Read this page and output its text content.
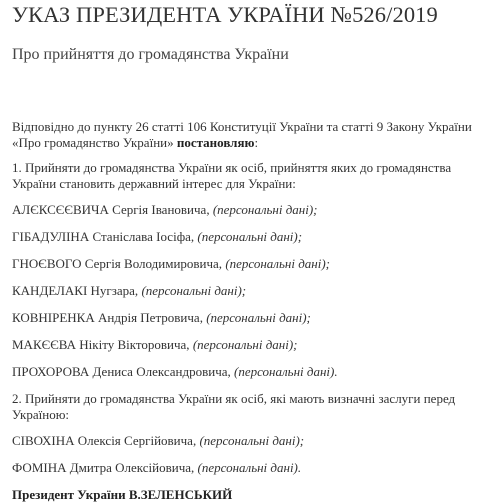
УКАЗ ПРЕЗИДЕНТА УКРАЇНИ №526/2019
Про прийняття до громадянства України

Відповідно до пункту 26 статті 106 Конституції України та статті 9 Закону України «Про громадянство України» постановляю:

1. Прийняти до громадянства України як осіб, прийняття яких до громадянства України становить державний інтерес для України:

АЛЄКСЄЄВИЧА Сергія Івановича, (персональні дані);

ГІБАДУЛІНА Станіслава Іосіфа, (персональні дані);

ГНОЄВОГО Сергія Володимировича, (персональні дані);

КАНДЕЛАКІ Нугзара, (персональні дані);

КОВНІРЕНКА Андрія Петровича, (персональні дані);

МАКЄЄВА Нікіту Вікторовича, (персональні дані);

ПРОХОРОВА Дениса Олександровича, (персональні дані).

2. Прийняти до громадянства України як осіб, які мають визначні заслуги перед Україною:

СІВОХІНА Олексія Сергійовича, (персональні дані);

ФОМІНА Дмитра Олексійовича, (персональні дані).

Президент України В.ЗЕЛЕНСЬКИЙ
